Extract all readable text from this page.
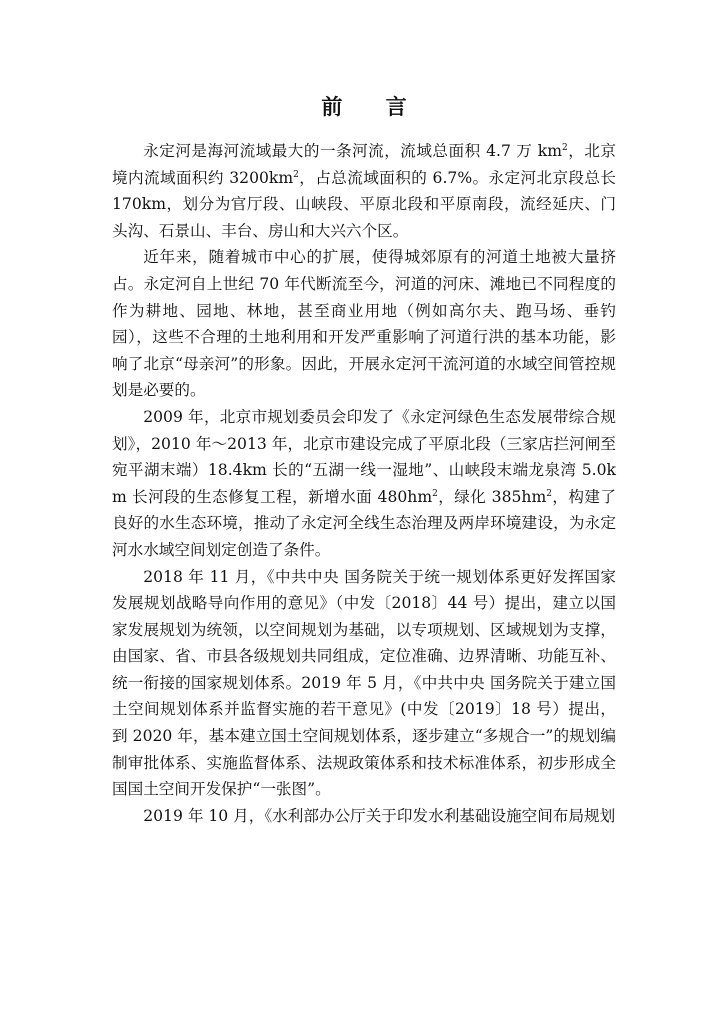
前 言

永定河是海河流域最大的一条河流，流域总面积 4.7 万 $km^2$，北京境内流域面积约 $3200km^2$，占总流域面积的 6.7%。永定河北京段总长 170km，划分为官厅段、山峡段、平原北段和平原南段，流经延庆、门头沟、石景山、丰台、房山和大兴六个区。

近年来，随着城市中心的扩展，使得城郊原有的河道土地被大量挤占。永定河自上世纪 70 年代断流至今，河道的河床、滩地已不同程度的作为耕地、园地、林地，甚至商业用地（例如高尔夫、跑马场、垂钓园），这些不合理的土地利用和开发严重影响了河道行洪的基本功能，影响了北京“母亲河”的形象。因此，开展永定河干流河道的水域空间管控规划是必要的。

2009 年，北京市规划委员会印发了《永定河绿色生态发展带综合规划》，2010 年～2013 年，北京市建设完成了平原北段（三家店拦河闸至宛平湖末端）18.4km 长的“五湖一线一湿地”、山峡段末端龙泉湾 5.0km 长河段的生态修复工程，新增水面 $480hm^2$，绿化 $385hm^2$，构建了良好的水生态环境，推动了永定河全线生态治理及两岸环境建设，为永定河水水域空间划定创造了条件。

2018 年 11 月，《中共中央 国务院关于统一规划体系更好发挥国家发展规划战略导向作用的意见》（中发〔2018〕44 号）提出，建立以国家发展规划为统领，以空间规划为基础，以专项规划、区域规划为支撑，由国家、省、市县各级规划共同组成，定位准确、边界清晰、功能互补、统一衔接的国家规划体系。2019 年 5 月，《中共中央 国务院关于建立国土空间规划体系并监督实施的若干意见》(中发〔2019〕18 号）提出，到 2020 年，基本建立国土空间规划体系，逐步建立“多规合一”的规划编制审批体系、实施监督体系、法规政策体系和技术标准体系，初步形成全国国土空间开发保护“一张图”。

2019 年 10 月，《水利部办公厅关于印发水利基础设施空间布局规划
